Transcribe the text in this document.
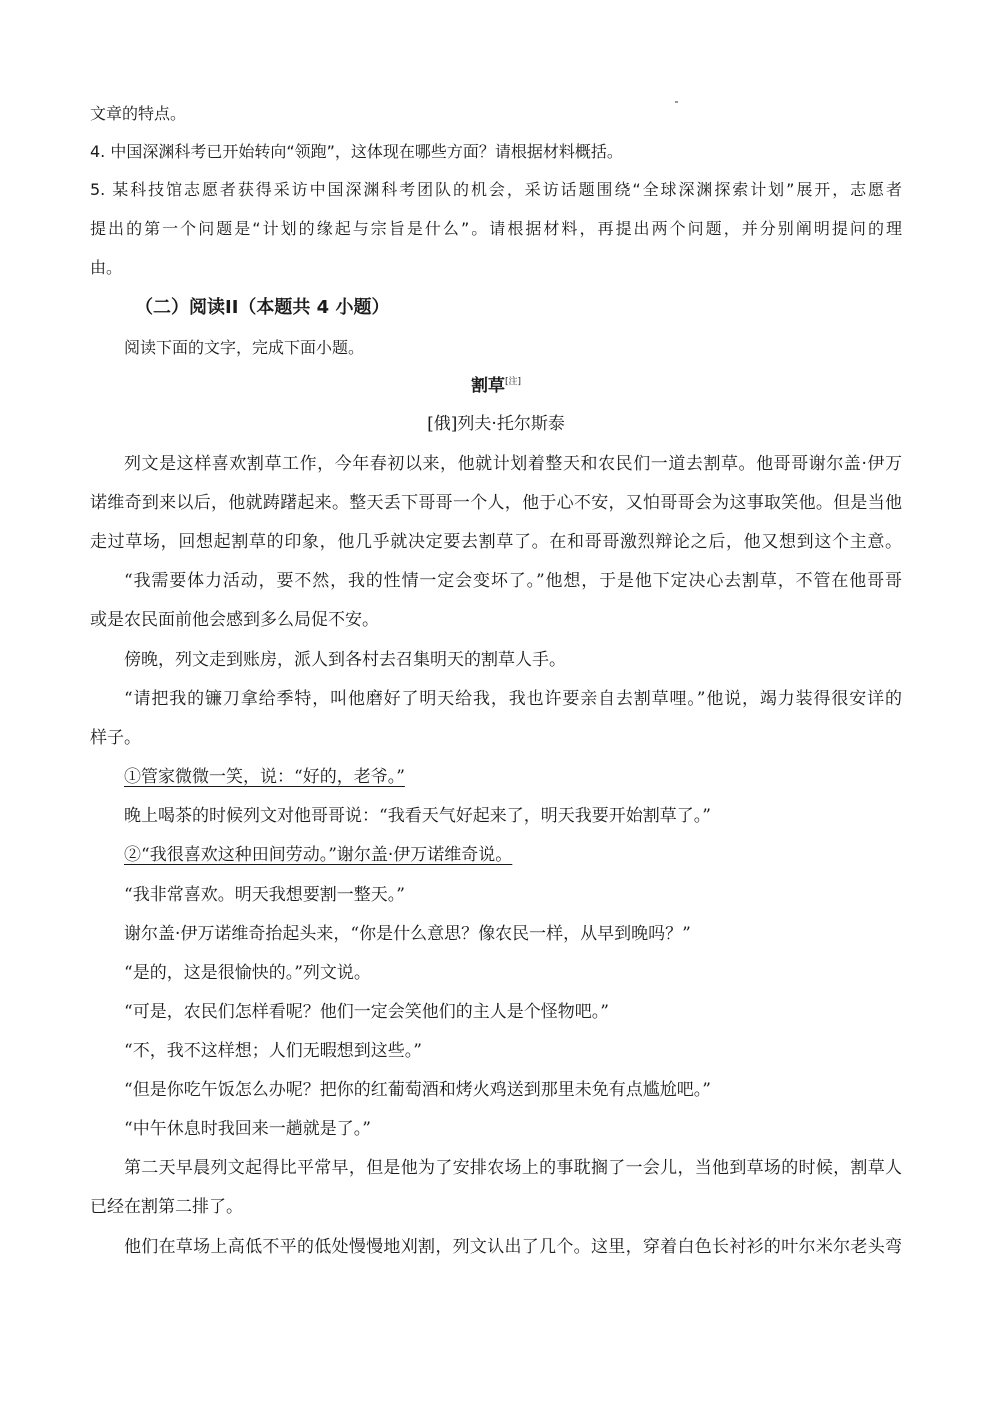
文章的特点。
4. 中国深渊科考已开始转向“领跑”，这体现在哪些方面？请根据材料概括。
5. 某科技馆志愿者获得采访中国深渊科考团队的机会，采访话题围绕“全球深渊探索计划”展开，志愿者
提出的第一个问题是“计划的缘起与宗旨是什么”。请根据材料，再提出两个问题，并分别阐明提问的理
由。
（二）阅读II（本题共 4 小题）
阅读下面的文字，完成下面小题。
割草[注]
[俄]列夫·托尔斯泰
列文是这样喜欢割草工作，今年春初以来，他就计划着整天和农民们一道去割草。他哥哥谢尔盖·伊万
诺维奇到来以后，他就踌躇起来。整天丢下哥哥一个人，他于心不安，又怕哥哥会为这事取笑他。但是当他
走过草场，回想起割草的印象，他几乎就决定要去割草了。在和哥哥激烈辩论之后，他又想到这个主意。
“我需要体力活动，要不然，我的性情一定会变坏了。”他想，于是他下定决心去割草，不管在他哥哥
或是农民面前他会感到多么局促不安。
傍晚，列文走到账房，派人到各村去召集明天的割草人手。
“请把我的镰刀拿给季特，叫他磨好了明天给我，我也许要亲自去割草哩。”他说，竭力装得很安详的
样子。
①管家微微一笑，说：“好的，老爷。”
晚上喝茶的时候列文对他哥哥说：“我看天气好起来了，明天我要开始割草了。”
②“我很喜欢这种田间劳动。”谢尔盖·伊万诺维奇说。
“我非常喜欢。明天我想要割一整天。”
谢尔盖·伊万诺维奇抬起头来，“你是什么意思？像农民一样，从早到晚吗？”
“是的，这是很愉快的。”列文说。
“可是，农民们怎样看呢？他们一定会笑他们的主人是个怪物吧。”
“不，我不这样想；人们无暇想到这些。”
“但是你吃午饭怎么办呢？把你的红葡萄酒和烤火鸡送到那里未免有点尴尬吧。”
“中午休息时我回来一趟就是了。”
第二天早晨列文起得比平常早，但是他为了安排农场上的事耽搁了一会儿，当他到草场的时候，割草人
已经在割第二排了。
他们在草场上高低不平的低处慢慢地刈割，列文认出了几个。这里，穿着白色长衬衫的叶尔米尔老头弯
